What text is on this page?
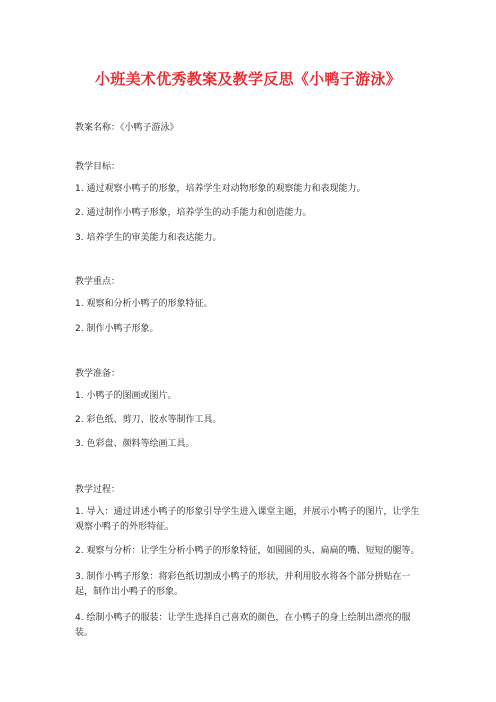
小班美术优秀教案及教学反思《小鸭子游泳》
教案名称：《小鸭子游泳》
教学目标：
1. 通过观察小鸭子的形象，培养学生对动物形象的观察能力和表现能力。
2. 通过制作小鸭子形象，培养学生的动手能力和创造能力。
3. 培养学生的审美能力和表达能力。
教学重点：
1. 观察和分析小鸭子的形象特征。
2. 制作小鸭子形象。
教学准备：
1. 小鸭子的图画或图片。
2. 彩色纸、剪刀、胶水等制作工具。
3. 色彩盘、颜料等绘画工具。
教学过程：
1. 导入：通过讲述小鸭子的形象引导学生进入课堂主题，并展示小鸭子的图片，让学生观察小鸭子的外形特征。
2. 观察与分析：让学生分析小鸭子的形象特征，如圆圆的头、扁扁的嘴、短短的腿等。
3. 制作小鸭子形象：将彩色纸切割成小鸭子的形状，并利用胶水将各个部分拼贴在一起，制作出小鸭子的形象。
4. 绘制小鸭子的服装：让学生选择自己喜欢的颜色，在小鸭子的身上绘制出漂亮的服装。
